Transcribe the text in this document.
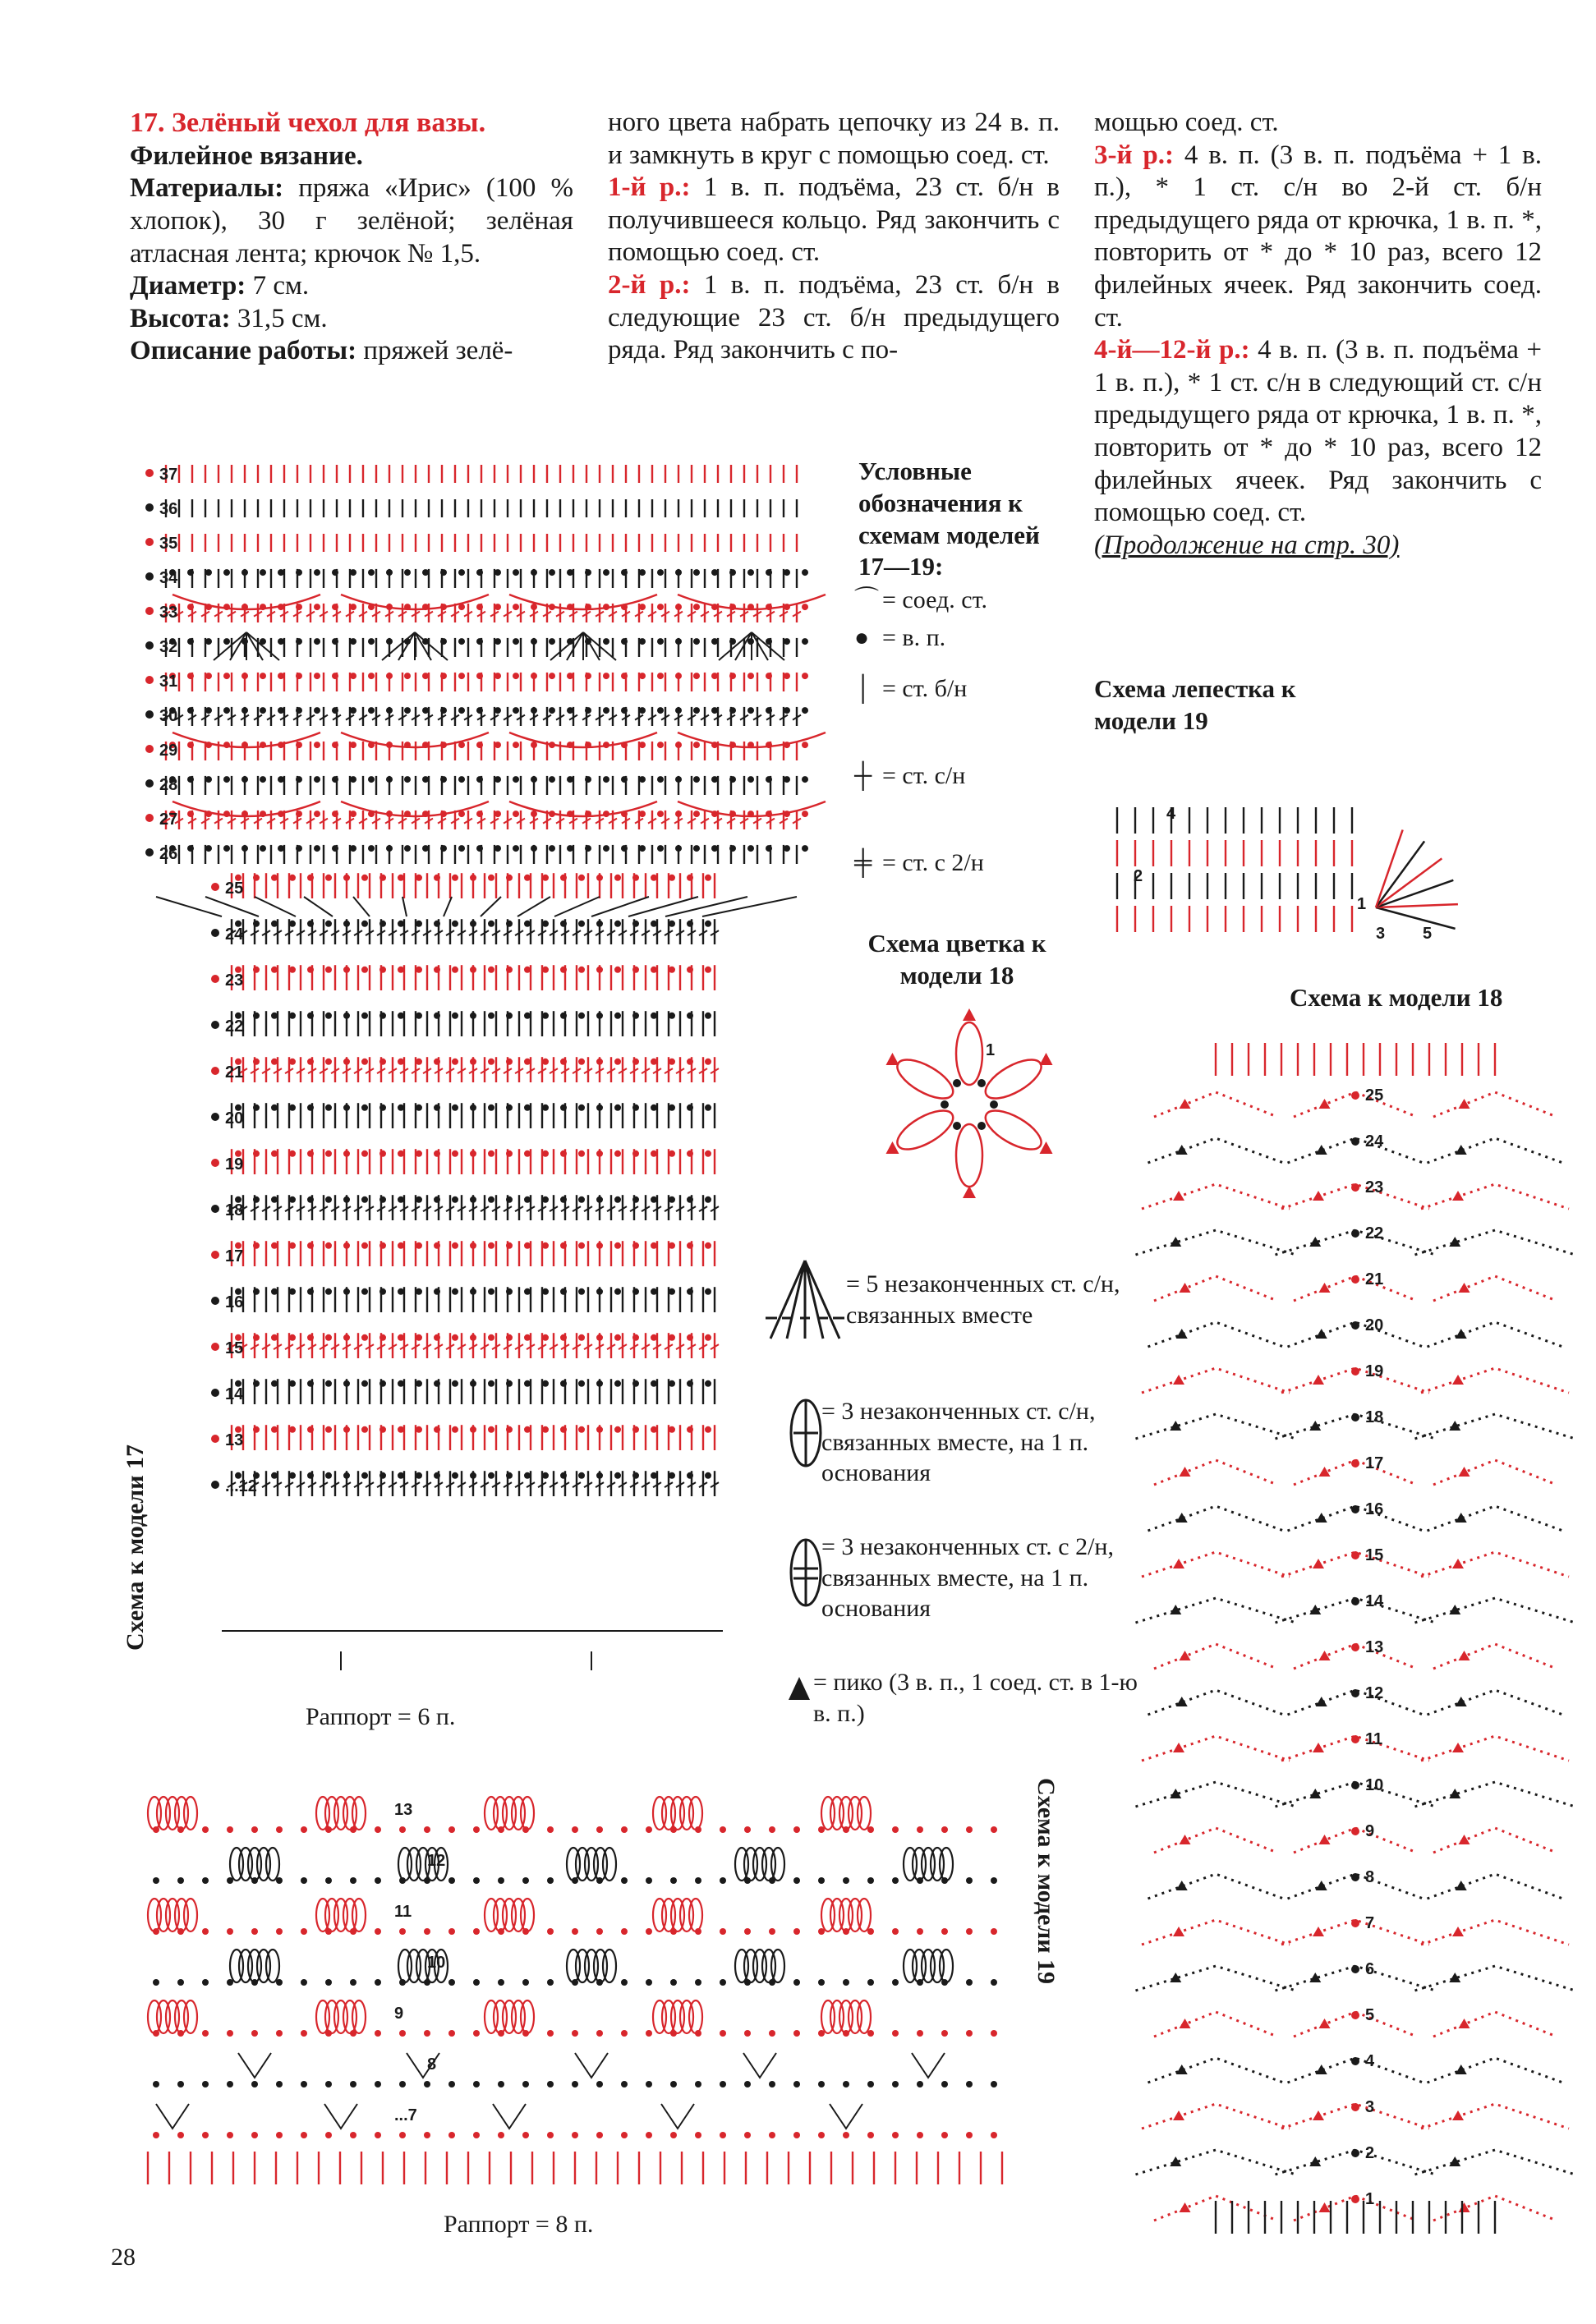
17. Зелёный чехол для вазы.

Филейное вязание.

Материалы: пряжа «Ирис» (100 % хлопок), 30 г зелёной; зелёная атласная лента; крючок № 1,5.

Диаметр: 7 см.

Высота: 31,5 см.

Описание работы: пряжей зелё-

ного цвета набрать цепочку из 24 в. п. и замкнуть в круг с помощью соед. ст.

1-й р.: 1 в. п. подъёма, 23 ст. б/н в получившееся кольцо. Ряд закончить с помощью соед. ст.

2-й р.: 1 в. п. подъёма, 23 ст. б/н в следующие 23 ст. б/н предыдущего ряда. Ряд закончить с по-

мощью соед. ст.

3-й р.: 4 в. п. (3 в. п. подъёма + 1 в. п.), * 1 ст. с/н во 2-й ст. б/н предыдущего ряда от крючка, 1 в. п. *, повторить от * до * 10 раз, всего 12 филейных ячеек. Ряд закончить соед. ст.

4-й—12-й р.: 4 в. п. (3 в. п. подъёма + 1 в. п.), * 1 ст. с/н в следующий ст. с/н предыдущего ряда от крючка, 1 в. п. *, повторить от * до * 10 раз, всего 12 филейных ячеек. Ряд закончить с помощью соед. ст.

(Продолжение на стр. 30)

Условные обозначения к схемам моделей 17—19:
⌒ = соед. ст.
● = в. п.
│ = ст. б/н
┼ = ст. с/н
╪ = ст. с 2/н
= 5 незаконченных ст. с/н, связанных вместе
= 3 незаконченных ст. с/н, связанных вместе, на 1 п. основания
= 3 незаконченных ст. с 2/н, связанных вместе, на 1 п. основания
= пико (3 в. п., 1 соед. ст. в 1-ю в. п.)
Схема цветка к модели 18
Схема лепестка к модели 19
Схема к модели 18
Схема к модели 17
Схема к модели 19
Раппорт = 6 п.
Раппорт = 8 п.
28
37
36
35
34
33
32
31
30
29
28
27
26
25
24
23
22
21
20
19
18
17
16
15
14
13
...12
1
4
2
1
3 5
25
24
23
22
21
20
19
18
17
16
15
14
13
12
11
10
9
8
7
6
5
4
3
2
1
13
12
11
10
9
8
...7
